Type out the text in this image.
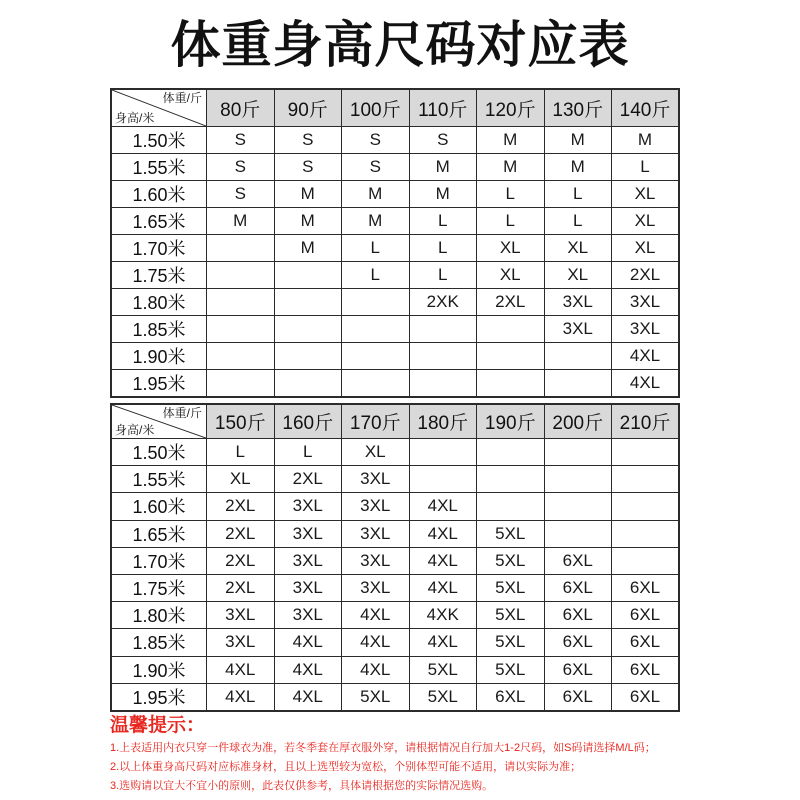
体重身高尺码对应表
体重/斤
身高/米	80斤	90斤	100斤	110斤	120斤	130斤	140斤
1.50米	S	S	S	S	M	M	M
1.55米	S	S	S	M	M	M	L
1.60米	S	M	M	M	L	L	XL
1.65米	M	M	M	L	L	L	XL
1.70米		M	L	L	XL	XL	XL
1.75米			L	L	XL	XL	2XL
1.80米				2XK	2XL	3XL	3XL
1.85米						3XL	3XL
1.90米							4XL
1.95米							4XL
体重/斤
身高/米	150斤	160斤	170斤	180斤	190斤	200斤	210斤
1.50米	L	L	XL				
1.55米	XL	2XL	3XL				
1.60米	2XL	3XL	3XL	4XL			
1.65米	2XL	3XL	3XL	4XL	5XL		
1.70米	2XL	3XL	3XL	4XL	5XL	6XL	
1.75米	2XL	3XL	3XL	4XL	5XL	6XL	6XL
1.80米	3XL	3XL	4XL	4XK	5XL	6XL	6XL
1.85米	3XL	4XL	4XL	4XL	5XL	6XL	6XL
1.90米	4XL	4XL	4XL	5XL	5XL	6XL	6XL
1.95米	4XL	4XL	5XL	5XL	6XL	6XL	6XL
温馨提示：
1.上表适用内衣只穿一件球衣为准，若冬季套在厚衣服外穿，请根据情况自行加大1-2尺码，如S码请选择M/L码；
2.以上体重身高尺码对应标准身材，且以上选型较为宽松，个别体型可能不适用，请以实际为准；
3.选购请以宜大不宜小的原则，此表仅供参考，具体请根据您的实际情况选购。
